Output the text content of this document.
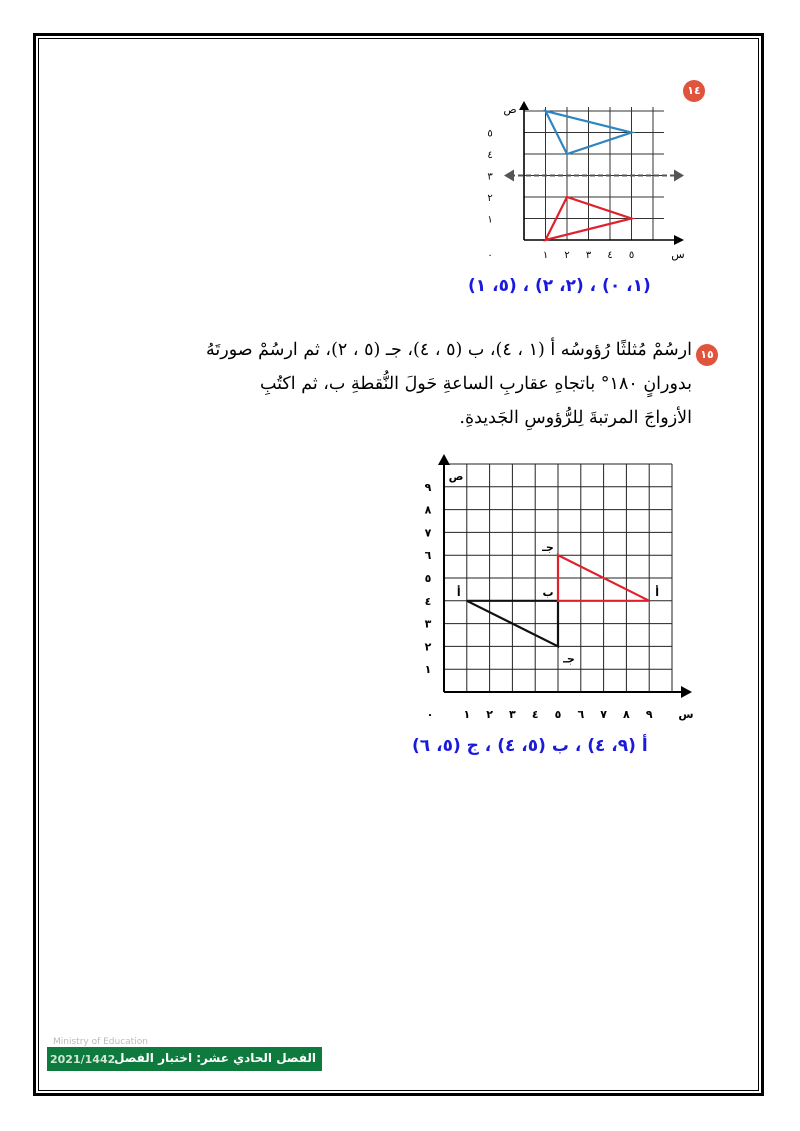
١٤
ص
س
٠	١ ٢ ٣ ٤ ٥
١
٢
٣
٤
٥
(١، ٠) ، (٢، ٢) ، (٥، ١)
١٥
ارسُمْ مُثلثًا رُؤوسُه أ (١ ، ٤)، ب (٥ ، ٤)، جـ (٥ ، ٢)، ثم ارسُمْ صورتَهُ
بدورانٍ ١٨٠° باتجاهِ عقاربِ الساعةِ حَولَ النُّقطةِ ب، ثم اكتُبِ
الأزواجَ المرتبةَ لِلرُّؤوسِ الجَديدةِ.
ص
س
٠	١ ٢ ٣ ٤ ٥ ٦ ٧ ٨ ٩
١
٢
٣
٤
٥
٦
٧
٨
٩
أ	ب
جـ
جـ
أ
أ (٩، ٤) ، ب (٥، ٤) ، ج (٥، ٦)
Ministry of Education
2021/1442
الفصل الحادي عشر: اختبار الفصل
